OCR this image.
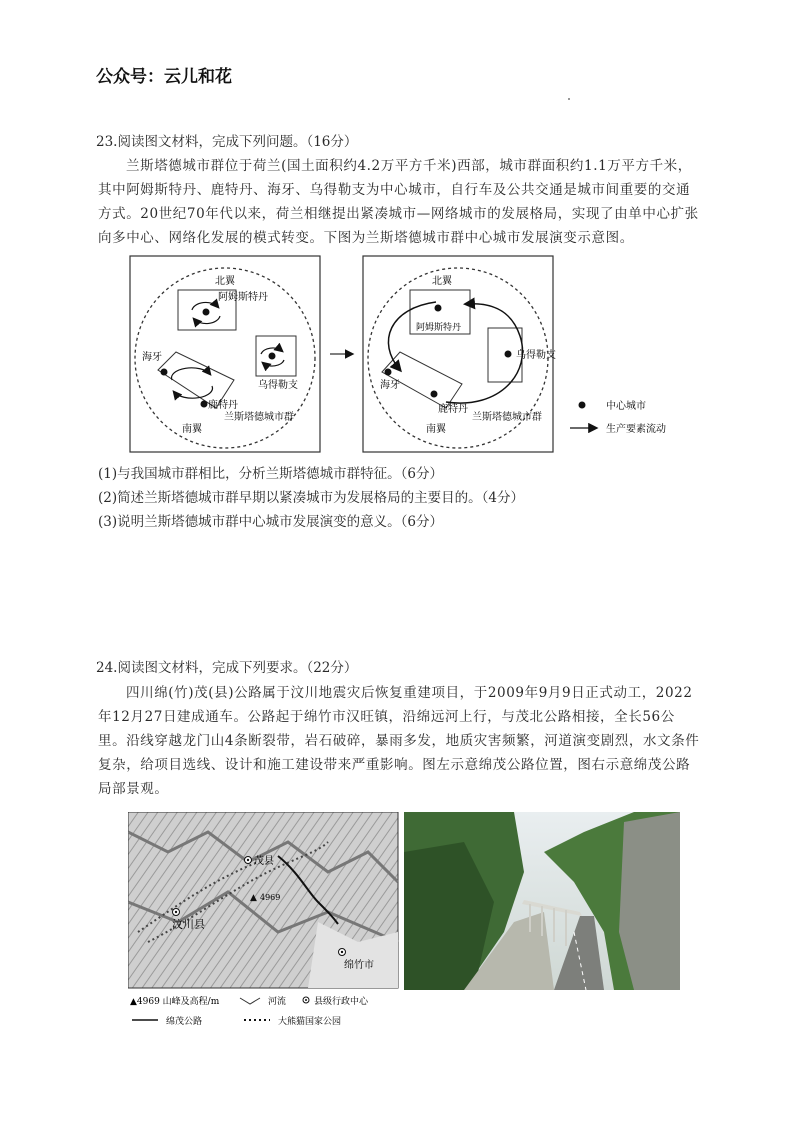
公众号：云儿和花
23.阅读图文材料，完成下列问题。（16分）
兰斯塔德城市群位于荷兰(国土面积约4.2万平方千米)西部，城市群面积约1.1万平方千米，其中阿姆斯特丹、鹿特丹、海牙、乌得勒支为中心城市，自行车及公共交通是城市间重要的交通方式。20世纪70年代以来，荷兰相继提出紧凑城市—网络城市的发展格局，实现了由单中心扩张向多中心、网络化发展的模式转变。下图为兰斯塔德城市群中心城市发展演变示意图。
北翼
阿姆斯特丹
乌得勒支
海牙
鹿特丹
兰斯塔德城市群
南翼
北翼
阿姆斯特丹
乌得勒支
海牙
鹿特丹
兰斯塔德城市群
南翼
中心城市
生产要素流动
(1)与我国城市群相比，分析兰斯塔德城市群特征。（6分）
(2)简述兰斯塔德城市群早期以紧凑城市为发展格局的主要目的。（4分）
(3)说明兰斯塔德城市群中心城市发展演变的意义。（6分）
24.阅读图文材料，完成下列要求。（22分）
四川绵(竹)茂(县)公路属于汶川地震灾后恢复重建项目，于2009年9月9日正式动工，2022年12月27日建成通车。公路起于绵竹市汉旺镇，沿绵远河上行，与茂北公路相接，全长56公里。沿线穿越龙门山4条断裂带，岩石破碎，暴雨多发，地质灾害频繁，河道演变剧烈，水文条件复杂，给项目选线、设计和施工建设带来严重影响。图左示意绵茂公路位置，图右示意绵茂公路局部景观。
茂县
▲ 4969
汶川县
绵竹市
▲4969 山峰及高程/m	河流	县级行政中心
绵茂公路	大熊猫国家公园
